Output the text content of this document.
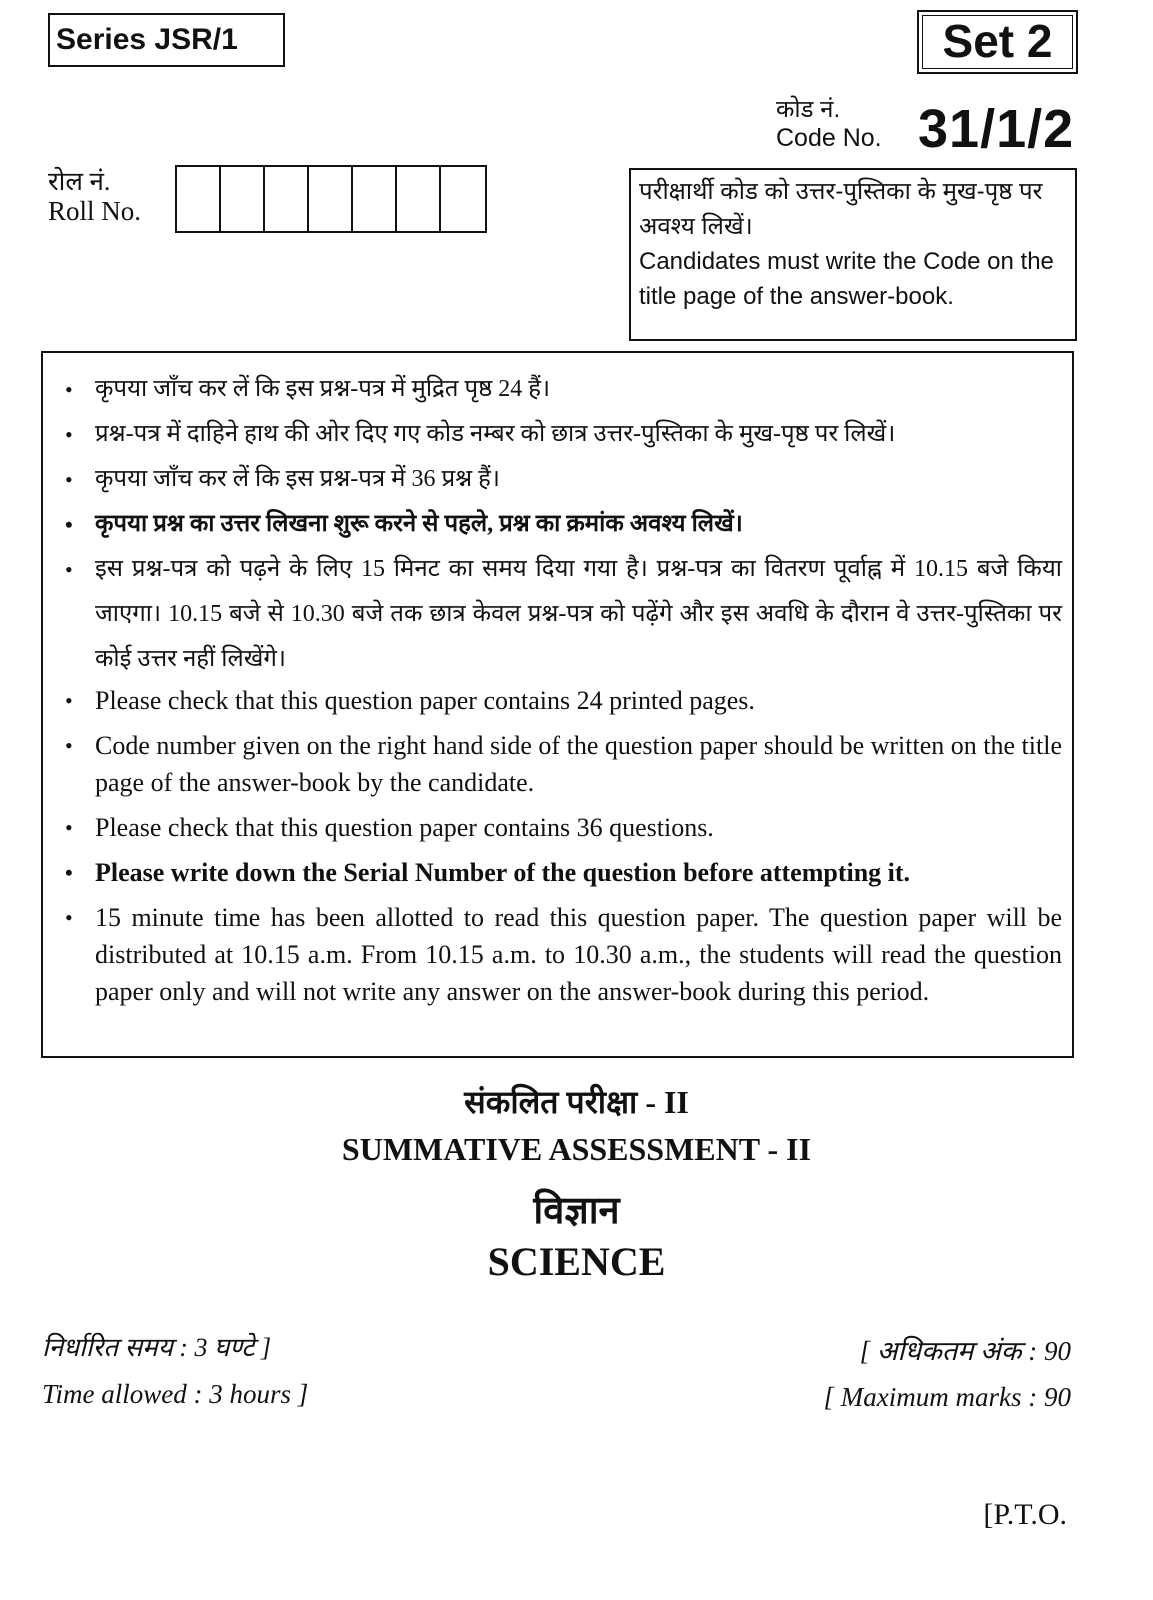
Series JSR/1	Set 2
कोड नं.
Code No. 31/1/2
रोल नं.
Roll No.

परीक्षार्थी कोड को उत्तर-पुस्तिका के मुख-पृष्ठ पर अवश्य लिखें।

Candidates must write the Code on the title page of the answer-book.

• कृपया जाँच कर लें कि इस प्रश्न-पत्र में मुद्रित पृष्ठ 24 हैं।
• प्रश्न-पत्र में दाहिने हाथ की ओर दिए गए कोड नम्बर को छात्र उत्तर-पुस्तिका के मुख-पृष्ठ पर लिखें।
• कृपया जाँच कर लें कि इस प्रश्न-पत्र में 36 प्रश्न हैं।
• कृपया प्रश्न का उत्तर लिखना शुरू करने से पहले, प्रश्न का क्रमांक अवश्य लिखें।
• इस प्रश्न-पत्र को पढ़ने के लिए 15 मिनट का समय दिया गया है। प्रश्न-पत्र का वितरण पूर्वाह्न में 10.15 बजे किया जाएगा। 10.15 बजे से 10.30 बजे तक छात्र केवल प्रश्न-पत्र को पढ़ेंगे और इस अवधि के दौरान वे उत्तर-पुस्तिका पर कोई उत्तर नहीं लिखेंगे।
• Please check that this question paper contains 24 printed pages.
• Code number given on the right hand side of the question paper should be written on the title page of the answer-book by the candidate.
• Please check that this question paper contains 36 questions.
• Please write down the Serial Number of the question before attempting it.
• 15 minute time has been allotted to read this question paper. The question paper will be distributed at 10.15 a.m. From 10.15 a.m. to 10.30 a.m., the students will read the question paper only and will not write any answer on the answer-book during this period.
संकलित परीक्षा - II
SUMMATIVE ASSESSMENT - II
विज्ञान
SCIENCE
निर्धारित समय : 3 घण्टे ]
Time allowed : 3 hours ]
[ अधिकतम अंक : 90
[ Maximum marks : 90
[P.T.O.
